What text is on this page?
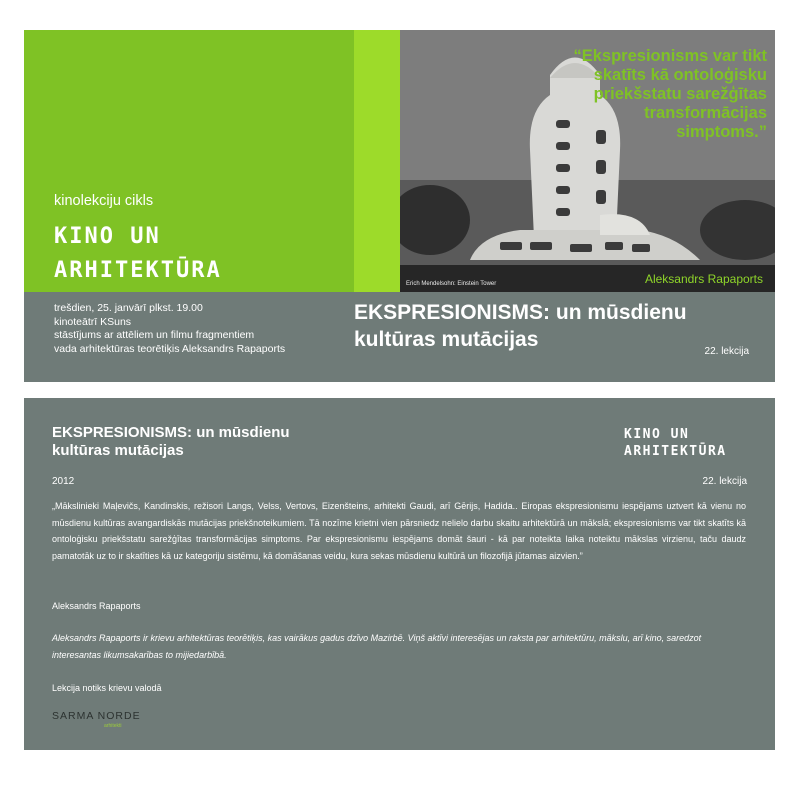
“Ekspresionisms var tikt skatīts kā ontoloģisku priekšstatu sarežģītas transformācijas simptoms.”
Erich Mendelsohn: Einstein Tower	Aleksandrs Rapaports
kinolekciju cikls
KINO UN
ARHITEKTŪRA
trešdien, 25. janvārī plkst. 19.00
kinoteātrī KSuns
stāstījums ar attēliem un filmu fragmentiem
vada arhitektūras teorētiķis Aleksandrs Rapaports
EKSPRESIONISMS: un mūsdienu
kultūras mutācijas
22. lekcija
EKSPRESIONISMS: un mūsdienu
kultūras mutācijas
KINO UN
ARHITEKTŪRA
2012	22. lekcija
„Mākslinieki Maļevičs, Kandinskis, režisori Langs, Velss, Vertovs, Eizenšteins, arhitekti Gaudi, arī Gērijs, Hadida.. Eiropas ekspresionismu iespējams uztvert kā vienu no mūsdienu kultūras avangardiskās mutācijas priekšnoteikumiem. Tā nozīme krietni vien pārsniedz nelielo darbu skaitu arhitektūrā un mākslā; ekspresionisms var tikt skatīts kā ontoloģisku priekšstatu sarežģītas transformācijas simptoms. Par ekspresionismu iespējams domāt šauri - kā par noteikta laika noteiktu mākslas virzienu, taču daudz pamatotāk uz to ir skatīties kā uz kategoriju sistēmu, kā domāšanas veidu, kura sekas mūsdienu kultūrā un filozofijā jūtamas aizvien.”
Aleksandrs Rapaports
Aleksandrs Rapaports ir krievu arhitektūras teorētiķis, kas vairākus gadus dzīvo Mazirbē. Viņš aktīvi interesējas un raksta par arhitektūru, mākslu, arī kino, saredzot interesantas likumsakarības to mijiedarbībā.
Lekcija notiks krievu valodā
SARMA NORDE
arhitekti
